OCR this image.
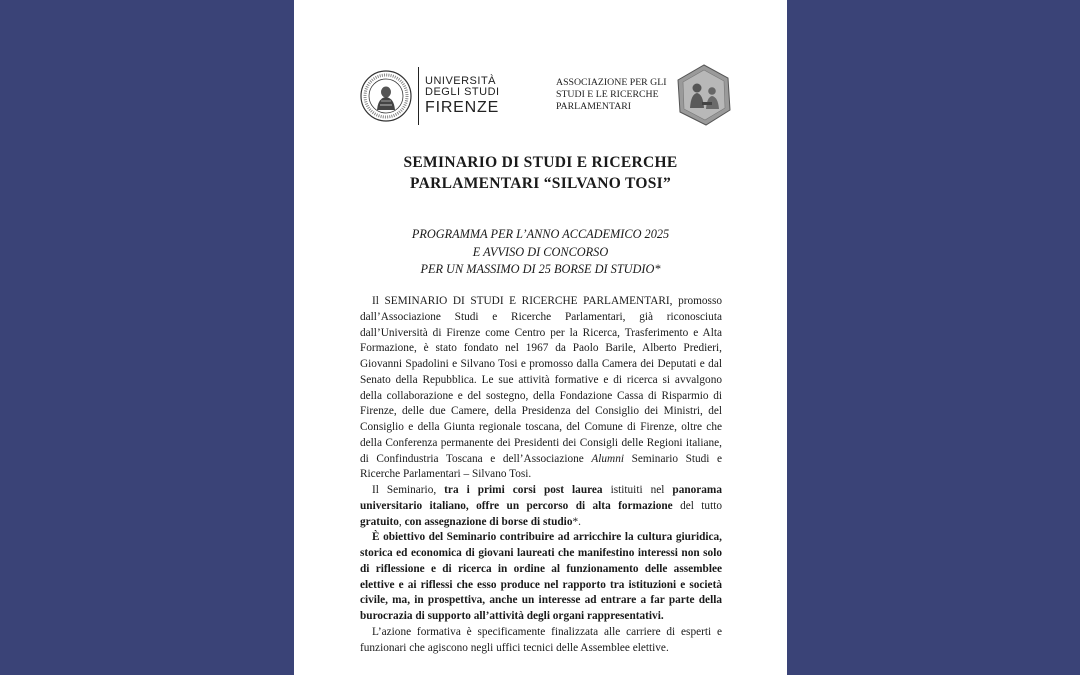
UNIVERSITÀ
DEGLI STUDI
FIRENZE
ASSOCIAZIONE PER GLI
STUDI E LE RICERCHE
PARLAMENTARI
SEMINARIO DI STUDI E RICERCHE
PARLAMENTARI “SILVANO TOSI”
PROGRAMMA PER L’ANNO ACCADEMICO 2025
E AVVISO DI CONCORSO
PER UN MASSIMO DI 25 BORSE DI STUDIO*

Il SEMINARIO DI STUDI E RICERCHE PARLAMENTARI, promosso dall’Associazione Studi e Ricerche Parlamentari, già riconosciuta dall’Università di Firenze come Centro per la Ricerca, Trasferimento e Alta Formazione, è stato fondato nel 1967 da Paolo Barile, Alberto Predieri, Giovanni Spadolini e Silvano Tosi e promosso dalla Camera dei Deputati e dal Senato della Repubblica. Le sue attività formative e di ricerca si avvalgono della collaborazione e del sostegno, della Fondazione Cassa di Risparmio di Firenze, delle due Camere, della Presidenza del Consiglio dei Ministri, del Consiglio e della Giunta regionale toscana, del Comune di Firenze, oltre che della Conferenza permanente dei Presidenti dei Consigli delle Regioni italiane, di Confindustria Toscana e dell’Associazione Alumni Seminario Studi e Ricerche Parlamentari – Silvano Tosi.

Il Seminario, tra i primi corsi post laurea istituiti nel panorama universitario italiano, offre un percorso di alta formazione del tutto gratuito, con assegnazione di borse di studio*.

È obiettivo del Seminario contribuire ad arricchire la cultura giuridica, storica ed economica di giovani laureati che manifestino interessi non solo di riflessione e di ricerca in ordine al funzionamento delle assemblee elettive e ai riflessi che esso produce nel rapporto tra istituzioni e società civile, ma, in prospettiva, anche un interesse ad entrare a far parte della burocrazia di supporto all’attività degli organi rappresentativi.

L’azione formativa è specificamente finalizzata alle carriere di esperti e funzionari che agiscono negli uffici tecnici delle Assemblee elettive.
